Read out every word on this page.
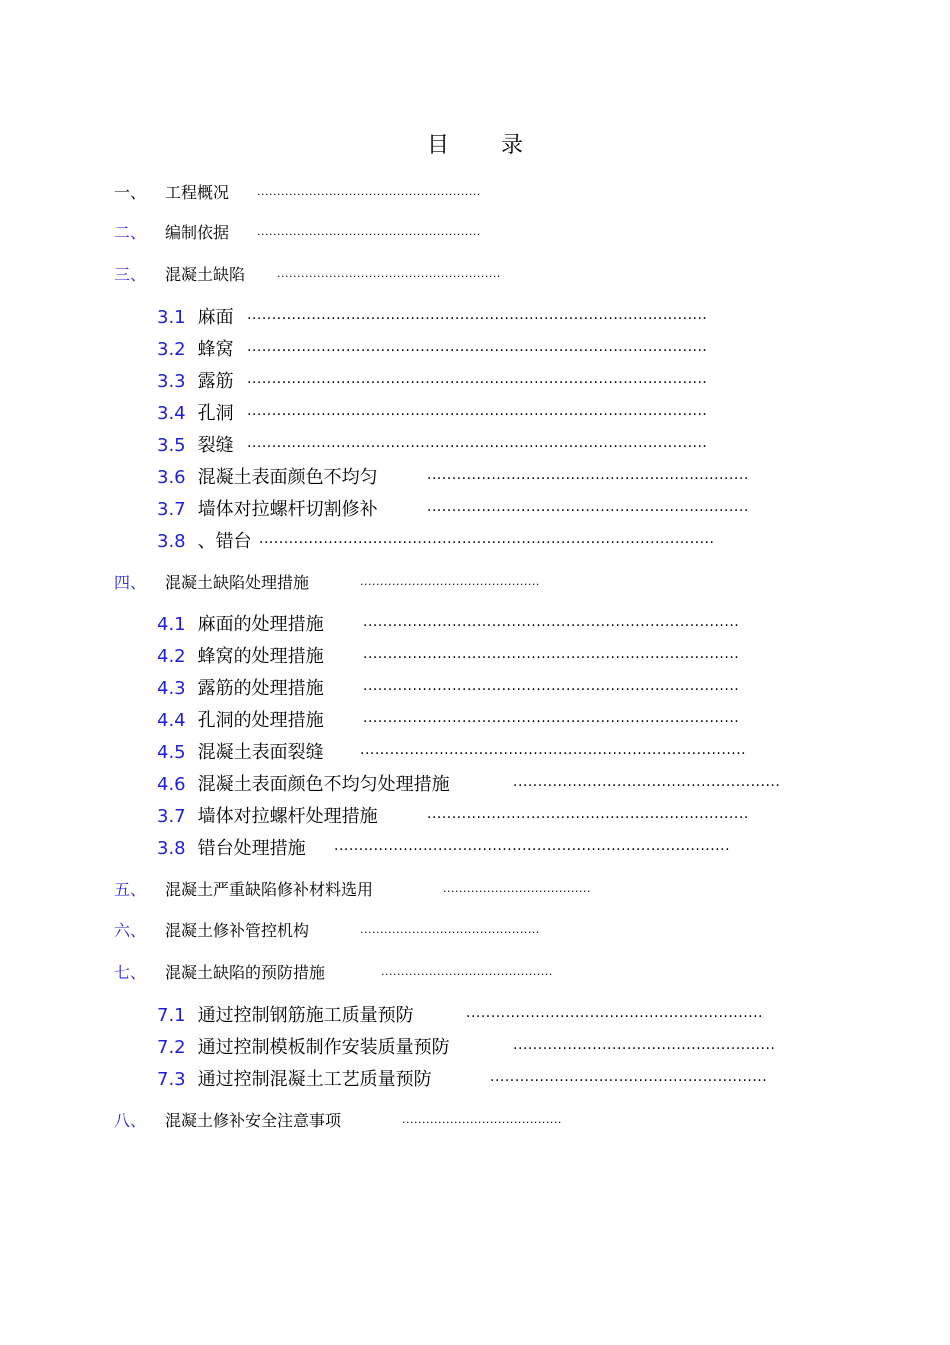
目 录
一、 工程概况	........................................................
二、 编制依据	........................................................
三、 混凝土缺陷	........................................................
3.1 麻面 .............................................................................................
3.2 蜂窝 .............................................................................................
3.3 露筋 .............................................................................................
3.4 孔洞 .............................................................................................
3.5 裂缝 .............................................................................................
3.6 混凝土表面颜色不均匀	.................................................................
3.7 墙体对拉螺杆切割修补	.................................................................
3.8 、错台 ............................................................................................
四、 混凝土缺陷处理措施	.............................................
4.1 麻面的处理措施	............................................................................
4.2 蜂窝的处理措施	............................................................................
4.3 露筋的处理措施	............................................................................
4.4 孔洞的处理措施	............................................................................
4.5 混凝土表面裂缝	..............................................................................
4.6 混凝土表面颜色不均匀处理措施	......................................................
3.7 墙体对拉螺杆处理措施	.................................................................
3.8 错台处理措施 ................................................................................
五、 混凝土严重缺陷修补材料选用	.....................................
六、 混凝土修补管控机构	.............................................
七、 混凝土缺陷的预防措施	...........................................
7.1 通过控制钢筋施工质量预防	............................................................
7.2 通过控制模板制作安装质量预防	.....................................................
7.3 通过控制混凝土工艺质量预防	........................................................
八、 混凝土修补安全注意事项	........................................
